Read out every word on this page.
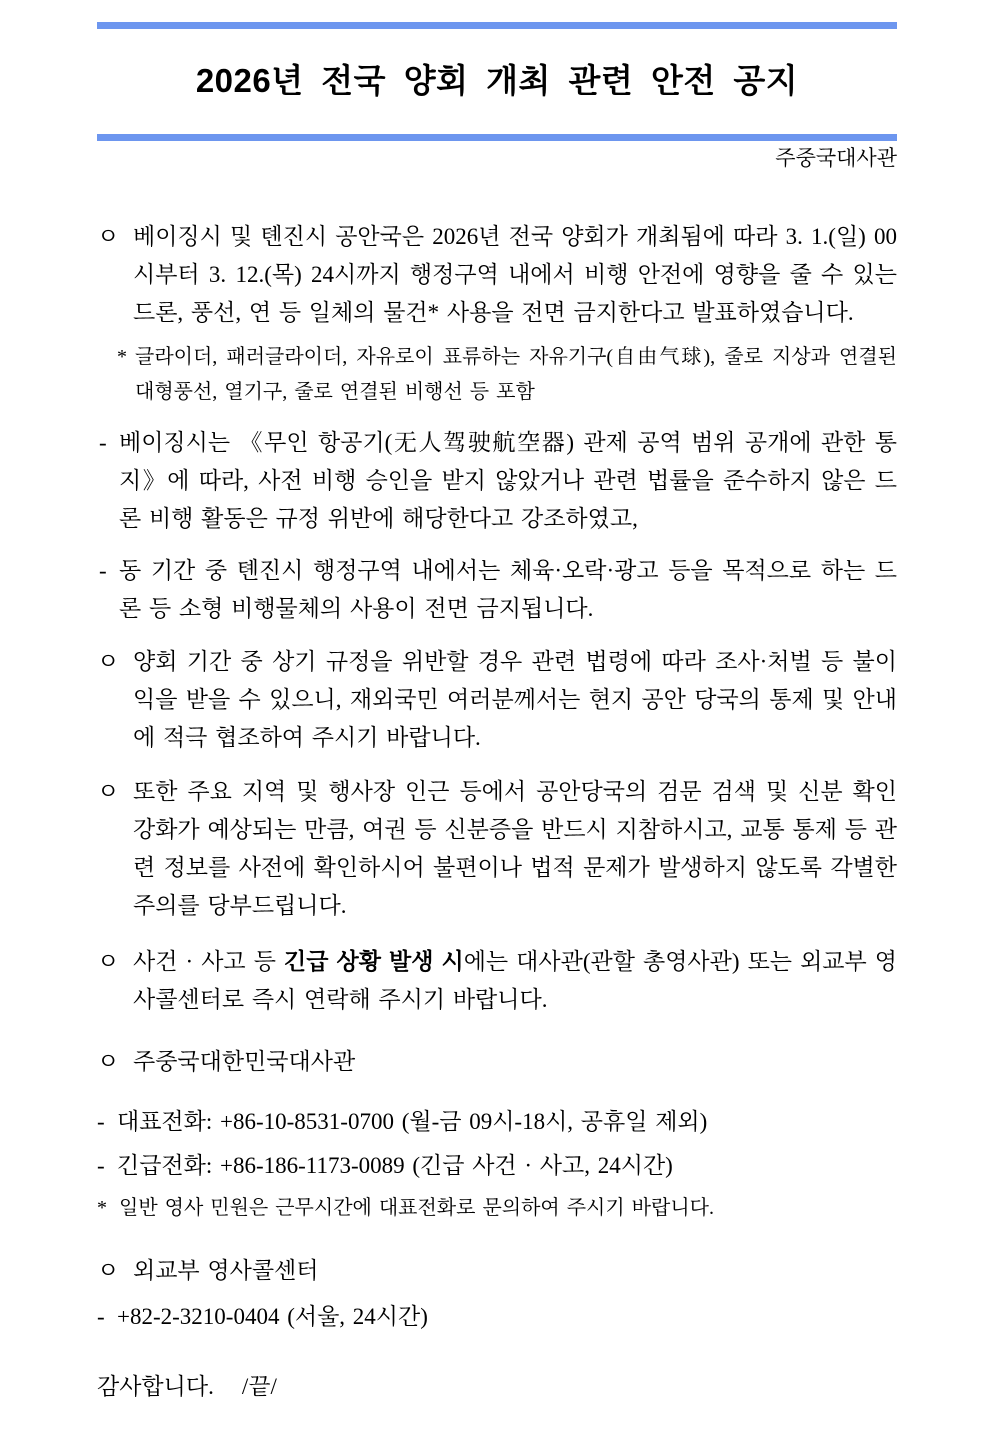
2026년 전국 양회 개최 관련 안전 공지
주중국대사관
ㅇ 베이징시 및 톈진시 공안국은 2026년 전국 양회가 개최됨에 따라 3. 1.(일) 00시부터 3. 12.(목) 24시까지 행정구역 내에서 비행 안전에 영향을 줄 수 있는 드론, 풍선, 연 등 일체의 물건* 사용을 전면 금지한다고 발표하였습니다.
* 글라이더, 패러글라이더, 자유로이 표류하는 자유기구(自由气球), 줄로 지상과 연결된 대형풍선, 열기구, 줄로 연결된 비행선 등 포함
- 베이징시는 《무인 항공기(无人驾驶航空器) 관제 공역 범위 공개에 관한 통지》에 따라, 사전 비행 승인을 받지 않았거나 관련 법률을 준수하지 않은 드론 비행 활동은 규정 위반에 해당한다고 강조하였고,
- 동 기간 중 톈진시 행정구역 내에서는 체육·오락·광고 등을 목적으로 하는 드론 등 소형 비행물체의 사용이 전면 금지됩니다.
ㅇ 양회 기간 중 상기 규정을 위반할 경우 관련 법령에 따라 조사·처벌 등 불이익을 받을 수 있으니, 재외국민 여러분께서는 현지 공안 당국의 통제 및 안내에 적극 협조하여 주시기 바랍니다.
ㅇ 또한 주요 지역 및 행사장 인근 등에서 공안당국의 검문 검색 및 신분 확인 강화가 예상되는 만큼, 여권 등 신분증을 반드시 지참하시고, 교통 통제 등 관련 정보를 사전에 확인하시어 불편이나 법적 문제가 발생하지 않도록 각별한 주의를 당부드립니다.
ㅇ 사건 · 사고 등 긴급 상황 발생 시에는 대사관(관할 총영사관) 또는 외교부 영사콜센터로 즉시 연락해 주시기 바랍니다.
ㅇ 주중국대한민국대사관
- 대표전화: +86-10-8531-0700 (월-금 09시-18시, 공휴일 제외)
- 긴급전화: +86-186-1173-0089 (긴급 사건 · 사고, 24시간)
* 일반 영사 민원은 근무시간에 대표전화로 문의하여 주시기 바랍니다.
ㅇ 외교부 영사콜센터
- +82-2-3210-0404 (서울, 24시간)
감사합니다. /끝/
